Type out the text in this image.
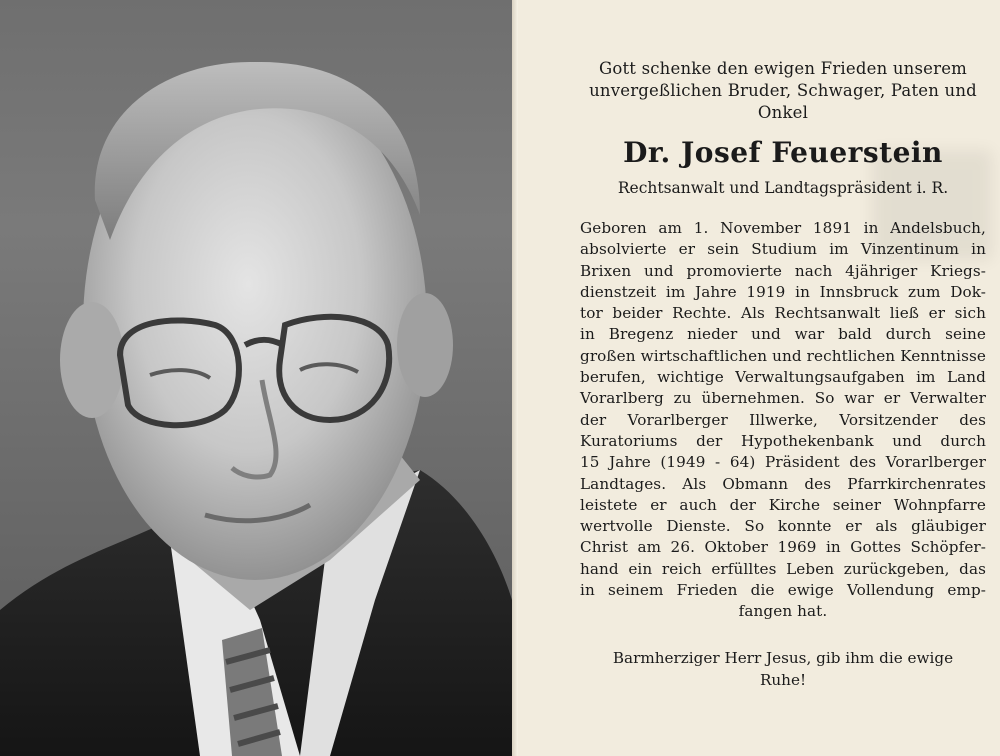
Gott schenke den ewigen Frieden unserem
unvergeßlichen Bruder, Schwager, Paten und
Onkel
Dr. Josef Feuerstein
Rechtsanwalt und Landtagspräsident i. R.
Geboren am 1. November 1891 in Andelsbuch,
absolvierte er sein Studium im Vinzentinum in
Brixen und promovierte nach 4jähriger Kriegs-
dienstzeit im Jahre 1919 in Innsbruck zum Dok-
tor beider Rechte. Als Rechtsanwalt ließ er sich
in Bregenz nieder und war bald durch seine
großen wirtschaftlichen und rechtlichen Kenntnisse
berufen, wichtige Verwaltungsaufgaben im Land
Vorarlberg zu übernehmen. So war er Verwalter
der Vorarlberger Illwerke, Vorsitzender des
Kuratoriums der Hypothekenbank und durch
15 Jahre (1949 - 64) Präsident des Vorarlberger
Landtages. Als Obmann des Pfarrkirchenrates
leistete er auch der Kirche seiner Wohnpfarre
wertvolle Dienste. So konnte er als gläubiger
Christ am 26. Oktober 1969 in Gottes Schöpfer-
hand ein reich erfülltes Leben zurückgeben, das
in seinem Frieden die ewige Vollendung emp-
fangen hat.
Barmherziger Herr Jesus, gib ihm die ewige
Ruhe!
